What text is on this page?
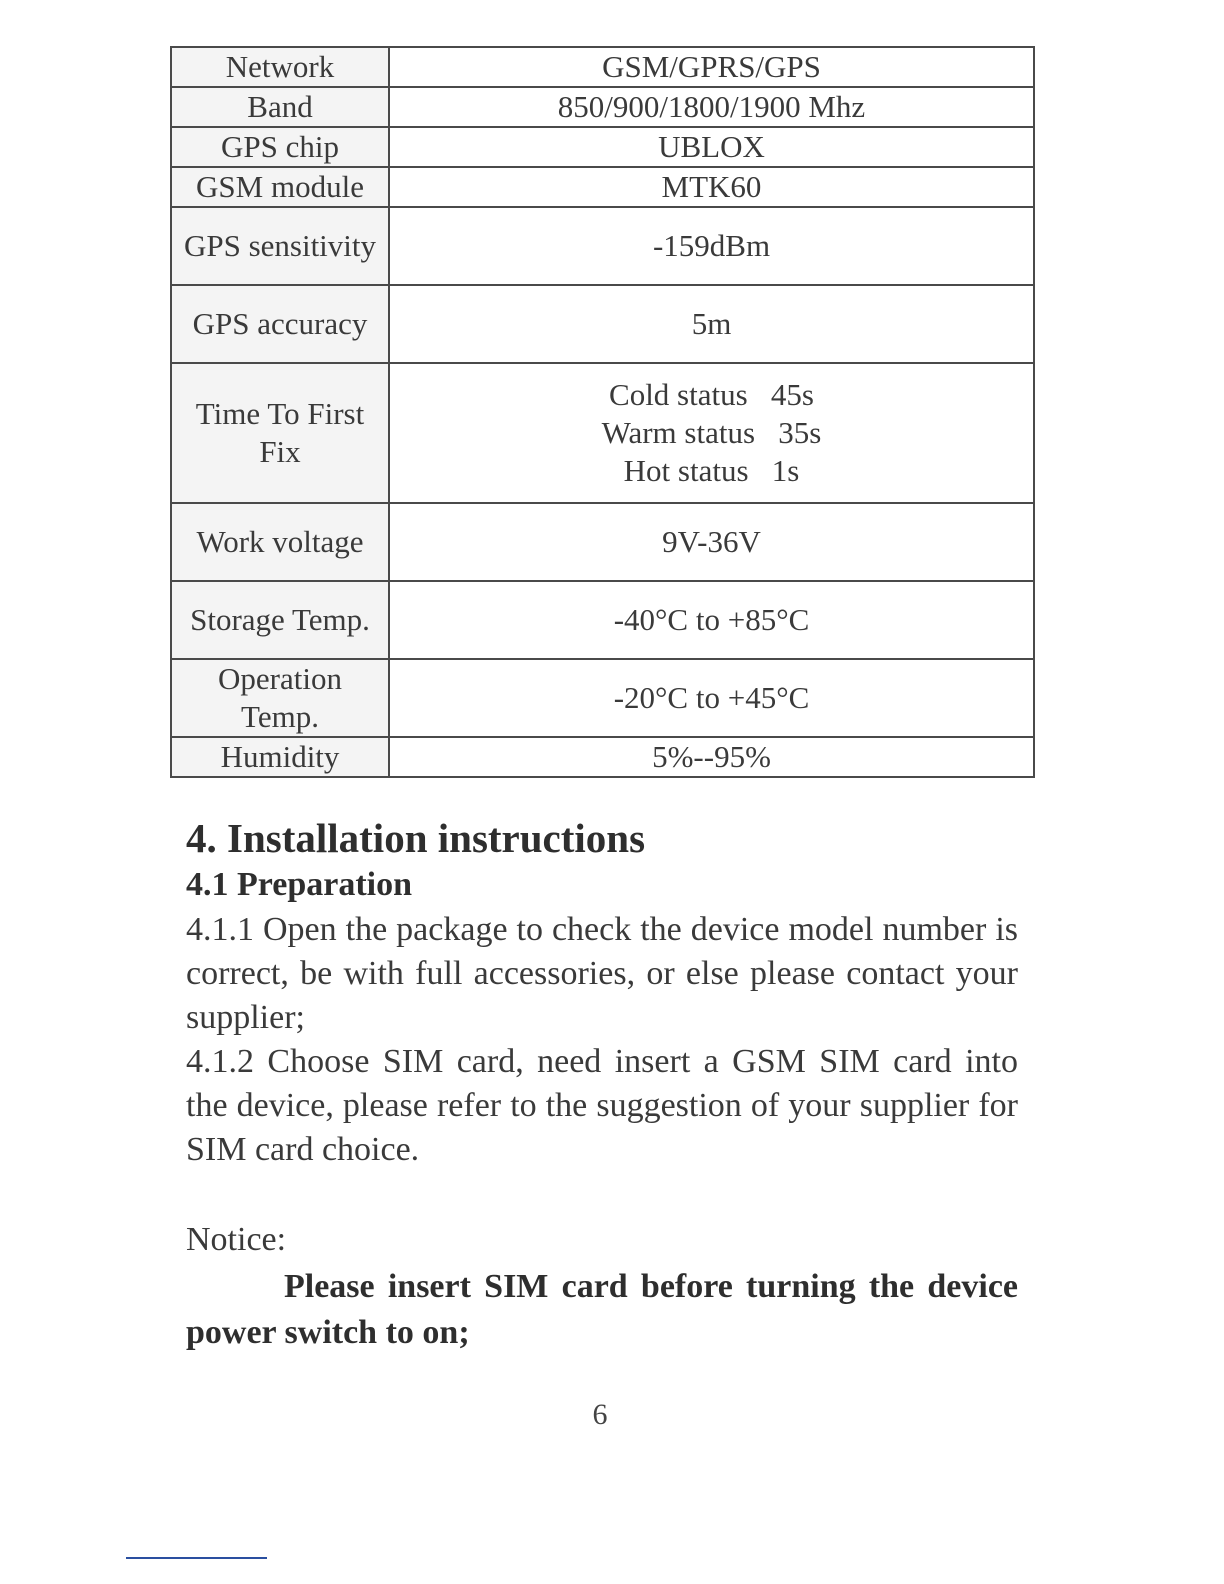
Network	GSM/GPRS/GPS
Band	850/900/1800/1900 Mhz
GPS chip	UBLOX
GSM module	MTK60
GPS sensitivity	-159dBm
GPS accuracy	5m
Time To First Fix	Cold status   45s
Warm status   35s
Hot status   1s

Work voltage	9V-36V
Storage Temp.	-40°C to +85°C
Operation Temp.	-20°C to +45°C
Humidity	5%--95%
4. Installation instructions
4.1 Preparation

4.1.1 Open the package to check the device model number is correct, be with full accessories, or else please contact your supplier;

4.1.2 Choose SIM card, need insert a GSM SIM card into the device, please refer to the suggestion of your supplier for SIM card choice.

Notice:

Please insert SIM card before turning the device power switch to on;

6
